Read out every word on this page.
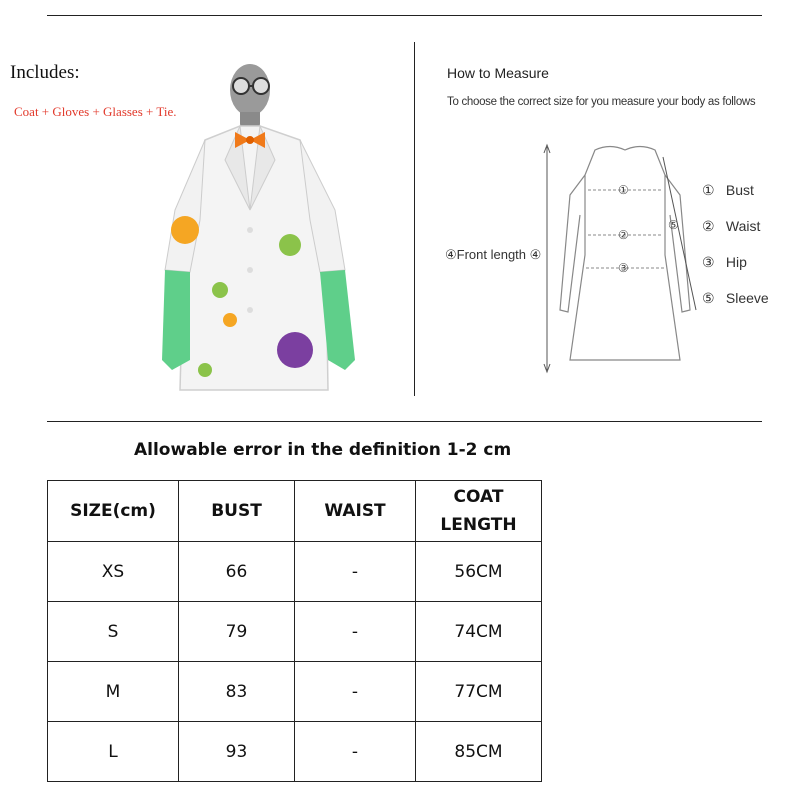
Includes:
Coat + Gloves + Glasses + Tie.
How to Measure
To choose the correct size for you measure your body as follows
①
②
③
⑤
④Front length ④
① Bust
② Waist
③ Hip
⑤ Sleeve
Allowable error in the definition 1-2 cm
SIZE(cm)	BUST	WAIST	COAT LENGTH
XS	66	-	56CM
S	79	-	74CM
M	83	-	77CM
L	93	-	85CM
